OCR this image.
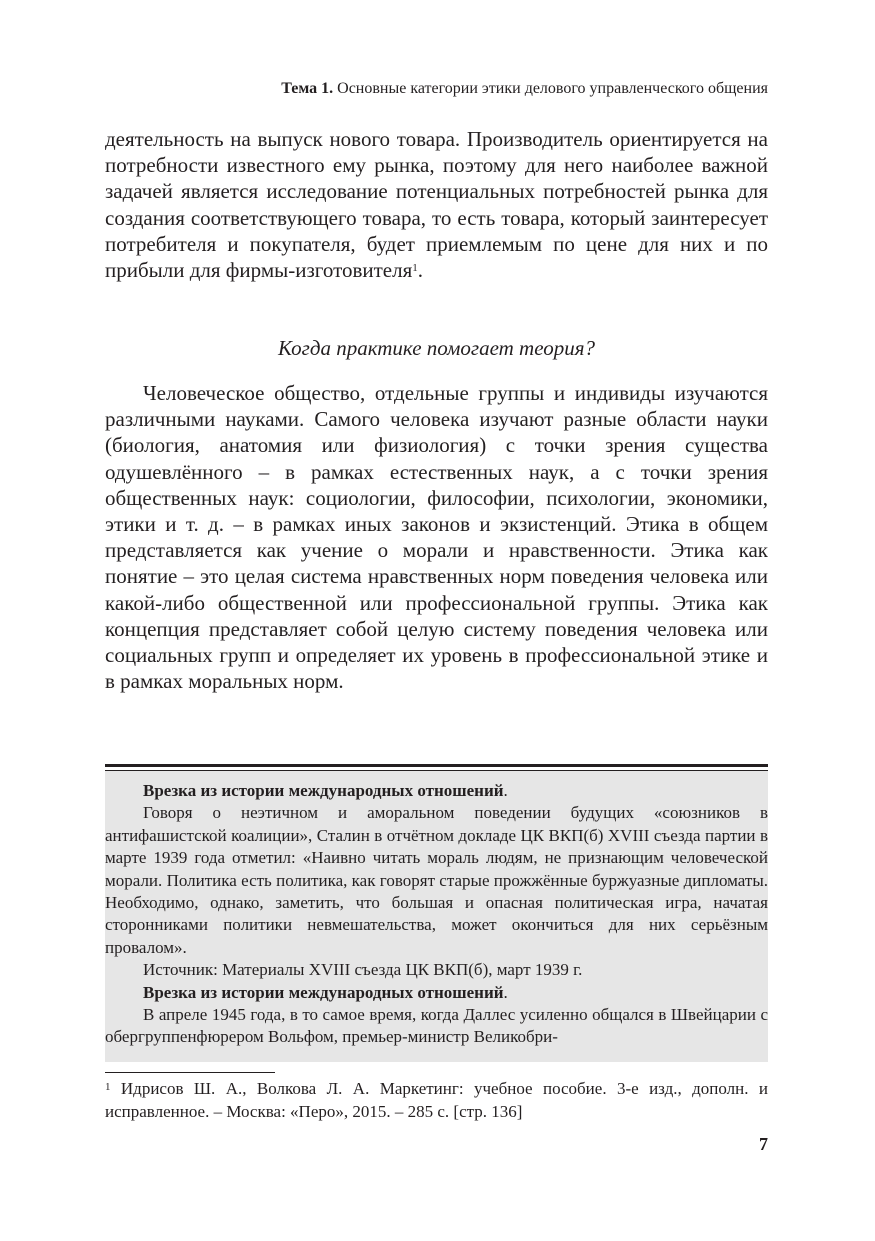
Тема 1. Основные категории этики делового управленческого общения

деятельность на выпуск нового товара. Производитель ориентируется на потребности известного ему рынка, поэтому для него наиболее важной задачей является исследование потенциальных потребностей рынка для создания соответствующего товара, то есть товара, который заинтересует потребителя и покупателя, будет приемлемым по цене для них и по прибыли для фирмы-изготовителя$^1$.

Когда практике помогает теория?

Человеческое общество, отдельные группы и индивиды изучаются различными науками. Самого человека изучают разные области науки (биология, анатомия или физиология) с точки зрения существа одушевлённого – в рамках естественных наук, а с точки зрения общественных наук: социологии, философии, психологии, экономики, этики и т. д. – в рамках иных законов и экзистенций. Этика в общем представляется как учение о морали и нравственности. Этика как понятие – это целая система нравственных норм поведения человека или какой-либо общественной или профессиональной группы. Этика как концепция представляет собой целую систему поведения человека или социальных групп и определяет их уровень в профессиональной этике и в рамках моральных норм.

Врезка из истории международных отношений.

Говоря о неэтичном и аморальном поведении будущих «союзников в антифашистской коалиции», Сталин в отчётном докладе ЦК ВКП(б) XVIII съезда партии в марте 1939 года отметил: «Наивно читать мораль людям, не признающим человеческой морали. Политика есть политика, как говорят старые прожжённые буржуазные дипломаты. Необходимо, однако, заметить, что большая и опасная политическая игра, начатая сторонниками политики невмешательства, может окончиться для них серьёзным провалом».

Источник: Материалы XVIII съезда ЦК ВКП(б), март 1939 г.

Врезка из истории международных отношений.

В апреле 1945 года, в то самое время, когда Даллес усиленно общался в Швейцарии с обергруппенфюрером Вольфом, премьер-министр Великобри-

$^1$ Идрисов Ш. А., Волкова Л. А. Маркетинг: учебное пособие. 3-е изд., дополн. и исправленное. – Москва: «Перо», 2015. – 285 с. [стр. 136]

7
